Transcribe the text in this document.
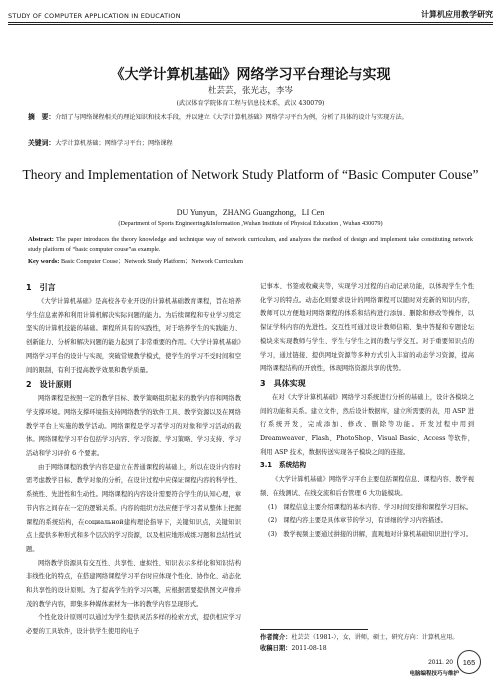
STUDY OF COMPUTER APPLICATION IN EDUCATION	计算机应用教学研究
《大学计算机基础》网络学习平台理论与实现
杜芸芸，张光志，李岑
(武汉体育学院体育工程与信息技术系，武汉 430079)
摘　要：介绍了与网络课程相关的理论知识和技术手段，并以建立《大学计算机基础》网络学习平台为例，分析了具体的设计与实现方法。
关键词：大学计算机基础；网络学习平台；网络课程
Theory and Implementation of Network Study Platform of “Basic Computer Couse”
DU Yunyun，ZHANG Guangzhong，LI Cen
(Department of Sports Engineering&Information ,Wuhan Institute of Physical Education , Wuhan 430079)
Abstract: The paper introduces the theory knowledge and technique way of network curriculum, and analyzes the method of design and implement take constituting network study platform of “basic computer couse”as example.
Key words: Basic Computer Couse；Network Study Platform；Network Curriculum
1　引言

《大学计算机基础》是高校各专业开设的计算机基础教育课程，旨在培养学生信息素养和利用计算机解决实际问题的能力。为后续课程和专业学习奠定坚实的计算机技能的基础。课程所具有的实践性，对于培养学生的实践能力、创新能力、分析和解决问题的能力起到了非常重要的作用。《大学计算机基础》网络学习平台的设计与实现，突破常规教学模式，使学生的学习不受时间和空间的限制，有利于提高教学效果和教学质量。

2　设计原则

网络课程是按照一定的教学目标、教学策略组织起来的教学内容和网络教学支撑环境。网络支撑环境指支持网络教学的软件工具、教学资源以及在网络教学平台上实施的教学活动。网络课程是学习者学习的对象和学习活动的载体。网络课程学习平台包括学习内容、学习资源、学习策略、学习支持、学习活动和学习评价 6 个要素。

由于网络课程的教学内容是建立在普通课程的基础上，所以在设计内容时需考虑教学目标、教学对象的分析，在设计过程中应保证课程内容的科学性、系统性、先进性和生动性。网络课程的内容设计需要符合学生的认知心理，章节内容之间存在一定的逻辑关系。内容的组织方法应便于学习者从整体上把握课程的系统结构，在социальной建构理论指导下，关键知识点，关键知识点上提供多种形式和多个层次的学习资源，以及相应地形成练习题和总结性试题。

网络教学资源具有交互性、共享性、虚拟性、知识表示多样化和知识结构非线性化的特点，在搭建网络课程学习平台时应体现个性化、协作化、动态化和共享性的设计原则。为了提高学生的学习兴趣，应根据需要提供图文声像并茂的教学内容，即集多种媒体素材为一体的教学内容呈现形式。

个性化设计原则可以通过为学生提供灵活多样的检索方式，提供相应学习必要的工具软件，设计供学生使用的电子

记事本、书签或收藏夹等，实现学习过程的自动记录功能，以体现学生个性化学习的特点。动态化则要求设计的网络课程可以随时对充新的知识内容，教师可以方便地对网络课程的体系和结构进行添加、删除和修改等操作，以保证学科内容的先进性。交互性可通过设计教师信箱、集中答疑和专题论坛模块来实现教师与学生、学生与学生之间的教与学交互。对于重要知识点的学习，通过链接、提供网址资源等多种方式引入丰富的动态学习资源，提高网络课程结构的开放性，体现网络资源共享的优势。

3　具体实现

在对《大学计算机基础》网络学习系统进行分析的基础上，设计各模块之间的功能和关系。建立文件，然后设计数据库，建立所需要的表，用 ASP 进行系统开发，完成添加、修改、删除等功能。开发过程中用到 Dreamweaver、Flash、PhotoShop、Visual Basic、Access 等软件，利用 ASP 技术，数据传送实现各子模块之间的连接。

3.1　系统结构

《大学计算机基础》网络学习平台主要包括课程信息、课程内容、教学视频、在线测试、在线交流和后台管理 6 大功能模块。

(1)　课程信息主要介绍课程的基本内容、学习时间安排和课程学习目标。

(2)　课程内容主要是具体章节的学习，有详细的学习内容描述。

(3)　教学视频主要通过拼接的讲解，直观地对计算机基础知识进行学习。

作者简介：杜芸芸（1981-），女，讲师，硕士，研究方向：计算机应用。
收稿日期：2011-08-18
2011. 20	165
电脑编程技巧与维护
